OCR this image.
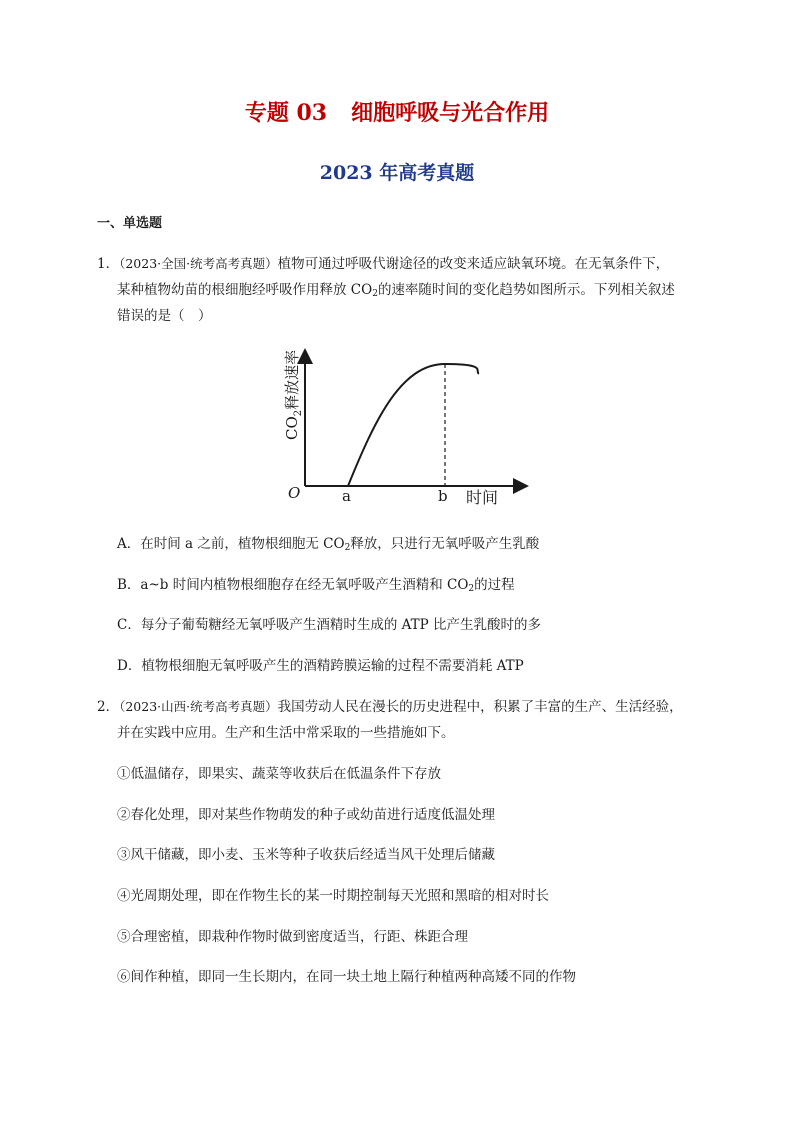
专题 03 细胞呼吸与光合作用
2023 年高考真题
一、单选题
1．（2023·全国·统考高考真题）植物可通过呼吸代谢途径的改变来适应缺氧环境。在无氧条件下，
某种植物幼苗的根细胞经呼吸作用释放 $CO_2$的速率随时间的变化趋势如图所示。下列相关叙述
错误的是（　）
O	a	b 时间
$CO_2$释放速率
A．在时间 a 之前，植物根细胞无 $CO_2$释放，只进行无氧呼吸产生乳酸
B．a~b 时间内植物根细胞存在经无氧呼吸产生酒精和 $CO_2$的过程
C．每分子葡萄糖经无氧呼吸产生酒精时生成的 ATP 比产生乳酸时的多
D．植物根细胞无氧呼吸产生的酒精跨膜运输的过程不需要消耗 ATP
2．（2023·山西·统考高考真题）我国劳动人民在漫长的历史进程中，积累了丰富的生产、生活经验，
并在实践中应用。生产和生活中常采取的一些措施如下。
①低温储存，即果实、蔬菜等收获后在低温条件下存放
②春化处理，即对某些作物萌发的种子或幼苗进行适度低温处理
③风干储藏，即小麦、玉米等种子收获后经适当风干处理后储藏
④光周期处理，即在作物生长的某一时期控制每天光照和黑暗的相对时长
⑤合理密植，即栽种作物时做到密度适当，行距、株距合理
⑥间作种植，即同一生长期内，在同一块土地上隔行种植两种高矮不同的作物
